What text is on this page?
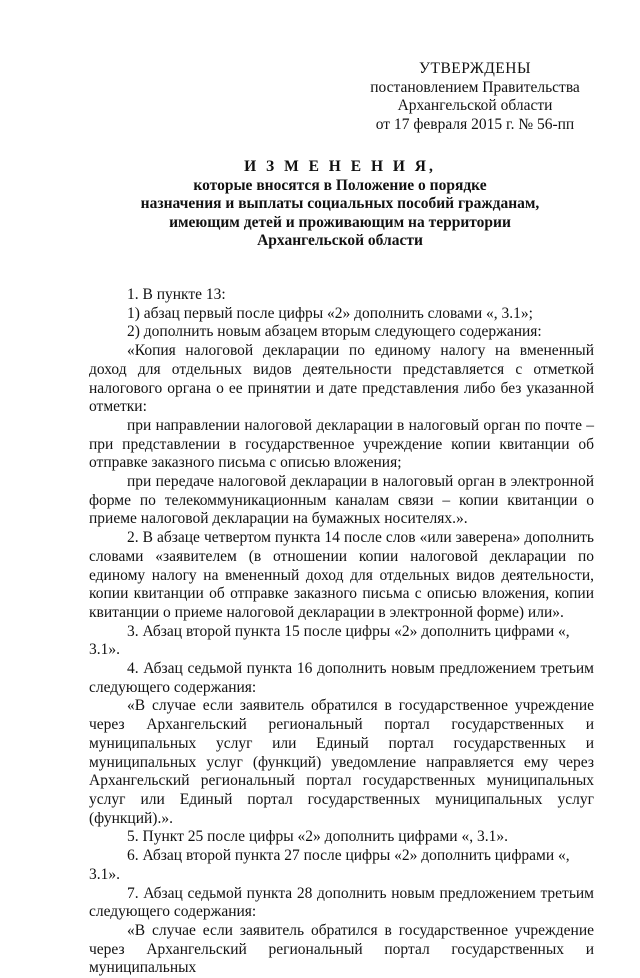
УТВЕРЖДЕНЫ
постановлением Правительства
Архангельской области
от 17 февраля 2015 г. № 56-пп
И З М Е Н Е Н И Я,
которые вносятся в Положение о порядке
назначения и выплаты социальных пособий гражданам,
имеющим детей и проживающим на территории
Архангельской области

1. В пункте 13:

1) абзац первый после цифры «2» дополнить словами «, 3.1»;

2) дополнить новым абзацем вторым следующего содержания:

«Копия налоговой декларации по единому налогу на вмененный доход для отдельных видов деятельности представляется с отметкой налогового органа о ее принятии и дате представления либо без указанной отметки:

при направлении налоговой декларации в налоговый орган по почте – при представлении в государственное учреждение копии квитанции об отправке заказного письма с описью вложения;

при передаче налоговой декларации в налоговый орган в электронной форме по телекоммуникационным каналам связи – копии квитанции о приеме налоговой декларации на бумажных носителях.».

2. В абзаце четвертом пункта 14 после слов «или заверена» дополнить словами «заявителем (в отношении копии налоговой декларации по единому налогу на вмененный доход для отдельных видов деятельности, копии квитанции об отправке заказного письма с описью вложения, копии квитанции о приеме налоговой декларации в электронной форме) или».

3. Абзац второй пункта 15 после цифры «2» дополнить цифрами «, 3.1».

4. Абзац седьмой пункта 16 дополнить новым предложением третьим следующего содержания:

«В случае если заявитель обратился в государственное учреждение через Архангельский региональный портал государственных и муниципальных услуг или Единый портал государственных и муниципальных услуг (функций) уведомление направляется ему через Архангельский региональный портал государственных муниципальных услуг или Единый портал государственных муниципальных услуг (функций).».

5. Пункт 25 после цифры «2» дополнить цифрами «, 3.1».

6. Абзац второй пункта 27 после цифры «2» дополнить цифрами «, 3.1».

7. Абзац седьмой пункта 28 дополнить новым предложением третьим следующего содержания:

«В случае если заявитель обратился в государственное учреждение через Архангельский региональный портал государственных и муниципальных
